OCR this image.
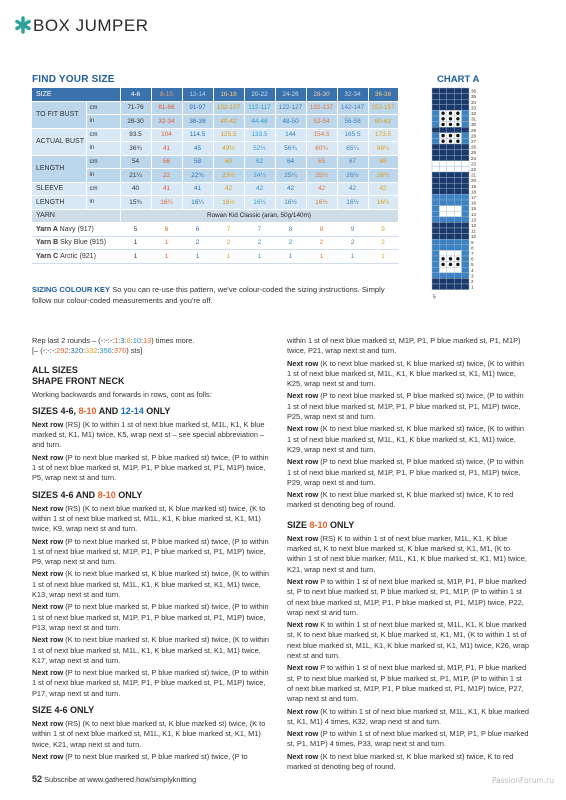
BOX JUMPER
FIND YOUR SIZE
SIZE		4-6	8-10	12-14	16-18	20-22	24-26	28-30	32-34	36-38
TO FIT BUST	cm	71-76	81-86	91-97	102-107	112-117	122-127	132-137	142-147	152-157
	in	28-30	32-34	36-38	40-42	44-46	48-50	52-54	56-58	60-62
ACTUAL BUST	cm	93.5	104	114.5	125.5	133.5	144	154.5	165.5	173.5
	in	36¾	41	45	49½	52½	56¾	60¾	65¼	68¼
LENGTH	cm	54	56	58	60	62	64	65	67	68
	in	21¼	22	22¾	23½	24½	25¼	25½	26½	26¾
SLEEVE	cm	40	41	41	42	42	42	42	42	42
LENGTH	in	15¾	16¼	16¼	16½	16½	16½	16½	16½	16½
YARN		Rowan Kid Classic (aran, 50g/140m)								
Yarn A Navy (917)		5	6	6	7	7	8	8	9	9
Yarn B Sky Blue (915)		1	1	2	2	2	2	2	2	2
Yarn C Arctic (921)		1	1	1	1	1	1	1	1	1
SIZING COLOUR KEY So you can re-use this pattern, we've colour-coded the sizing instructions. Simply follow our colour-coded measurements and you're off.
CHART A
36
35
34
33
32
31
30
29
28
27
26
25
24
23
22
21
20
19
18
17
16
15
14
13
12
11
10
9
8
7
6
5
4
3
2
1
5

Rep last 2 rounds – (-:-:-:1:3:6:10:13) times more.
[– (-:-:-:292:320:332:356:376) sts]

ALL SIZES
SHAPE FRONT NECK

Working backwards and forwards in rows, cont as folls:

SIZES 4-6, 8-10 AND 12-14 ONLY

Next row (RS) (K to within 1 st of next blue marked st, M1L, K1, K blue marked st, K1, M1) twice, K5, wrap next st – see special abbreviation – and turn.

Next row (P to next blue marked st, P blue marked st) twice, (P to within 1 st of next blue marked st, M1P, P1, P blue marked st, P1, M1P) twice, P5, wrap next st and turn.

SIZES 4-6 AND 8-10 ONLY

Next row (RS) (K to next blue marked st, K blue marked st) twice, (K to within 1 st of next blue marked st, M1L, K1, K blue marked st, K1, M1) twice, K9, wrap next st and turn.

Next row (P to next blue marked st, P blue marked st) twice, (P to within 1 st of next blue marked st, M1P, P1, P blue marked st, P1, M1P) twice, P9, wrap next st and turn.

Next row (K to next blue marked st, K blue marked st) twice, (K to within 1 st of next blue marked st, M1L, K1, K blue marked st, K1, M1) twice, K13, wrap next st and turn.

Next row (P to next blue marked st, P blue marked st) twice, (P to within 1 st of next blue marked st, M1P, P1, P blue marked st, P1, M1P) twice, P13, wrap next st and turn.

Next row (K to next blue marked st, K blue marked st) twice, (K to within 1 st of next blue marked st, M1L, K1, K blue marked st, K1, M1) twice, K17, wrap next st and turn.

Next row (P to next blue marked st, P blue marked st) twice, (P to within 1 st of next blue marked st, M1P, P1, P blue marked st, P1, M1P) twice, P17, wrap next st and turn.

SIZE 4-6 ONLY

Next row (RS) (K to next blue marked st, K blue marked st) twice, (K to within 1 st of next blue marked st, M1L, K1, K blue marked st, K1, M1) twice, K21, wrap next st and turn.

Next row (P to next blue marked st, P blue marked st) twice, (P to

within 1 st of next blue marked st, M1P, P1, P blue marked st, P1, M1P) twice, P21, wrap next st and turn.

Next row (K to next blue marked st, K blue marked st) twice, (K to within 1 st of next blue marked st, M1L, K1, K blue marked st, K1, M1) twice, K25, wrap next st and turn.

Next row (P to next blue marked st, P blue marked st) twice, (P to within 1 st of next blue marked st, M1P, P1, P blue marked st, P1, M1P) twice, P25, wrap next st and turn.

Next row (K to next blue marked st, K blue marked st) twice, (K to within 1 st of next blue marked st, M1L, K1, K blue marked st, K1, M1) twice, K29, wrap next st and turn.

Next row (P to next blue marked st, P blue marked st) twice, (P to within 1 st of next blue marked st, M1P, P1, P blue marked st, P1, M1P) twice, P29, wrap next st and turn.

Next row (K to next blue marked st, K blue marked st) twice, K to red marked st denoting beg of round.

SIZE 8-10 ONLY

Next row (RS) K to within 1 st of next blue marker, M1L, K1, K blue marked st, K to next blue marked st, K blue marked st, K1, M1, (K to within 1 st of next blue marker, M1L, K1, K blue marked st, K1, M1) twice, K21, wrap next st and turn.

Next row P to within 1 st of next blue marked st, M1P, P1, P blue marked st, P to next blue marked st, P blue marked st, P1, M1P, (P to within 1 st of next blue marked st, M1P, P1, P blue marked st, P1, M1P) twice, P22, wrap next st and turn.

Next row K to within 1 st of next blue marked st, M1L, K1, K blue marked st, K to next blue marked st, K blue marked st, K1, M1, (K to within 1 st of next blue marked st, M1L, K1, K blue marked st, K1, M1) twice, K26, wrap next st and turn.

Next row P to within 1 st of next blue marked st, M1P, P1, P blue marked st, P to next blue marked st, P blue marked st, P1, M1P, (P to within 1 st of next blue marked st, M1P, P1, P blue marked st, P1, M1P) twice, P27, wrap next st and turn.

Next row (K to within 1 st of next blue marked st, M1L, K1, K blue marked st, K1, M1) 4 times, K32, wrap next st and turn.

Next row (P to within 1 st of next blue marked st, M1P, P1, P blue marked st, P1, M1P) 4 times, P33, wrap next st and turn.

Next row (K to next blue marked st, K blue marked st) twice, K to red marked st denoting beg of round.

52 Subscribe at www.gathered.how/simplyknitting	PassionForum.ru
